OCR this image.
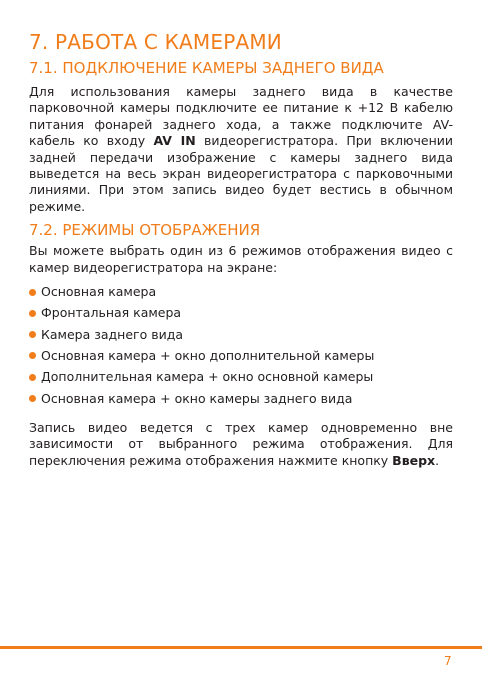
7. РАБОТА С КАМЕРАМИ
7.1. ПОДКЛЮЧЕНИЕ КАМЕРЫ ЗАДНЕГО ВИДА

Для использования камеры заднего вида в качестве парковочной камеры подключите ее питание к +12 В кабелю питания фонарей заднего хода, а также подключите AV-кабель ко входу AV IN видеорегистратора. При включении задней передачи изображение с камеры заднего вида выведется на весь экран видеорегистратора с парковочными линиями. При этом запись видео будет вестись в обычном режиме.

7.2. РЕЖИМЫ ОТОБРАЖЕНИЯ

Вы можете выбрать один из 6 режимов отображения видео с камер видеорегистратора на экране:

Основная камера
Фронтальная камера
Камера заднего вида
Основная камера + окно дополнительной камеры
Дополнительная камера + окно основной камеры
Основная камера + окно камеры заднего вида

Запись видео ведется с трех камер одновременно вне зависимости от выбранного режима отображения. Для переключения режима отображения нажмите кнопку Вверх.

7
